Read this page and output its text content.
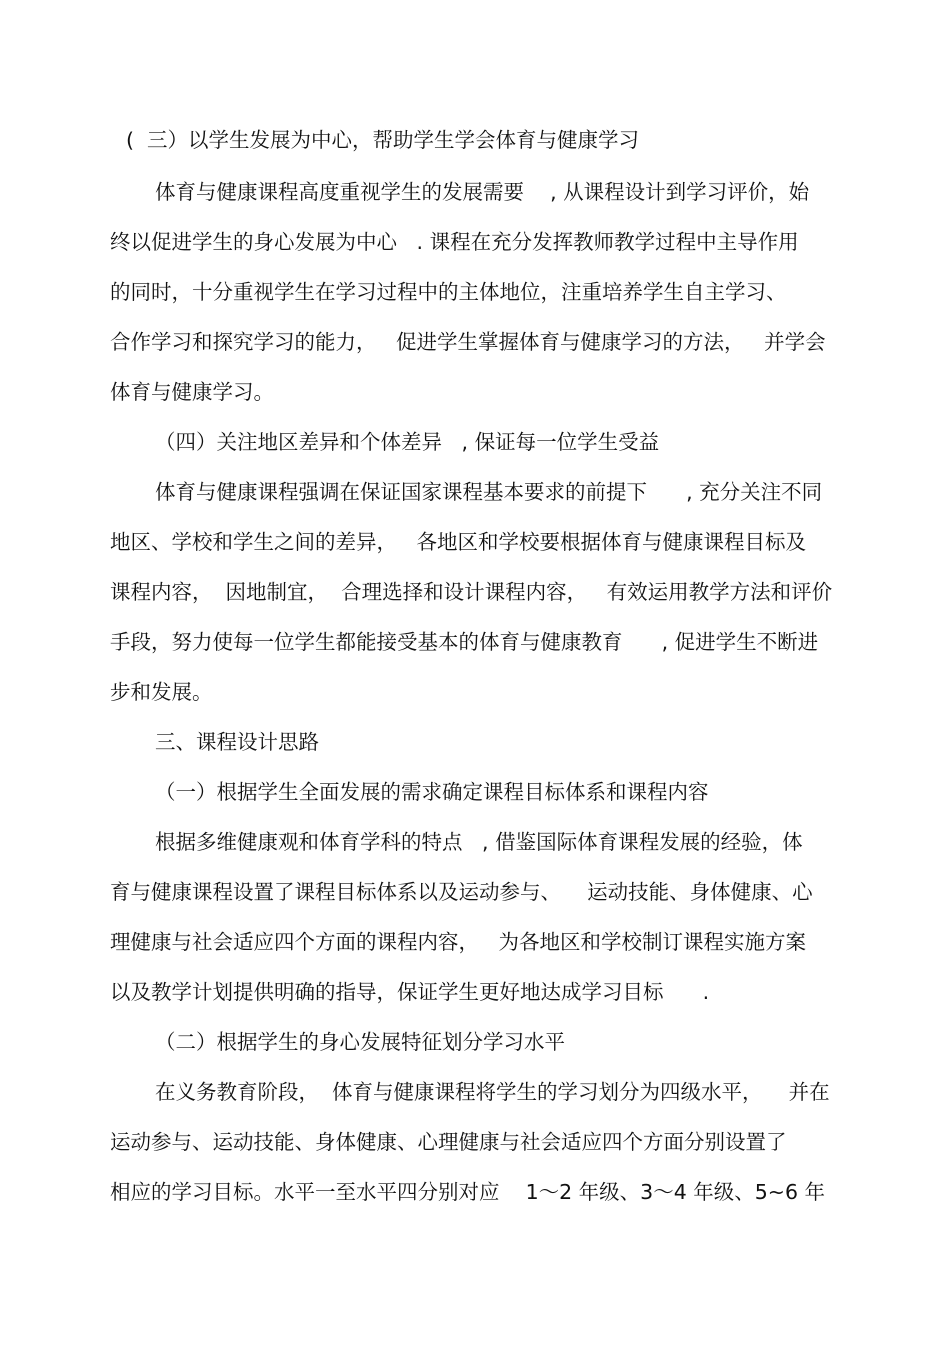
(  三）以学生发展为中心，帮助学生学会体育与健康学习
体育与健康课程高度重视学生的发展需要    , 从课程设计到学习评价，始
终以促进学生的身心发展为中心   . 课程在充分发挥教师教学过程中主导作用
的同时，十分重视学生在学习过程中的主体地位，注重培养学生自主学习、
合作学习和探究学习的能力，   促进学生掌握体育与健康学习的方法，   并学会
体育与健康学习。
（四）关注地区差异和个体差异   , 保证每一位学生受益
体育与健康课程强调在保证国家课程基本要求的前提下      , 充分关注不同
地区、学校和学生之间的差异，   各地区和学校要根据体育与健康课程目标及
课程内容，  因地制宜，  合理选择和设计课程内容，   有效运用教学方法和评价
手段，努力使每一位学生都能接受基本的体育与健康教育      , 促进学生不断进
步和发展。
三、课程设计思路
（一）根据学生全面发展的需求确定课程目标体系和课程内容
根据多维健康观和体育学科的特点   , 借鉴国际体育课程发展的经验，体
育与健康课程设置了课程目标体系以及运动参与、    运动技能、身体健康、心
理健康与社会适应四个方面的课程内容，   为各地区和学校制订课程实施方案
以及教学计划提供明确的指导，保证学生更好地达成学习目标      .
（二）根据学生的身心发展特征划分学习水平
在义务教育阶段，  体育与健康课程将学生的学习划分为四级水平，    并在
运动参与、运动技能、身体健康、心理健康与社会适应四个方面分别设置了
相应的学习目标。水平一至水平四分别对应    1～2 年级、3～4 年级、5~6 年
